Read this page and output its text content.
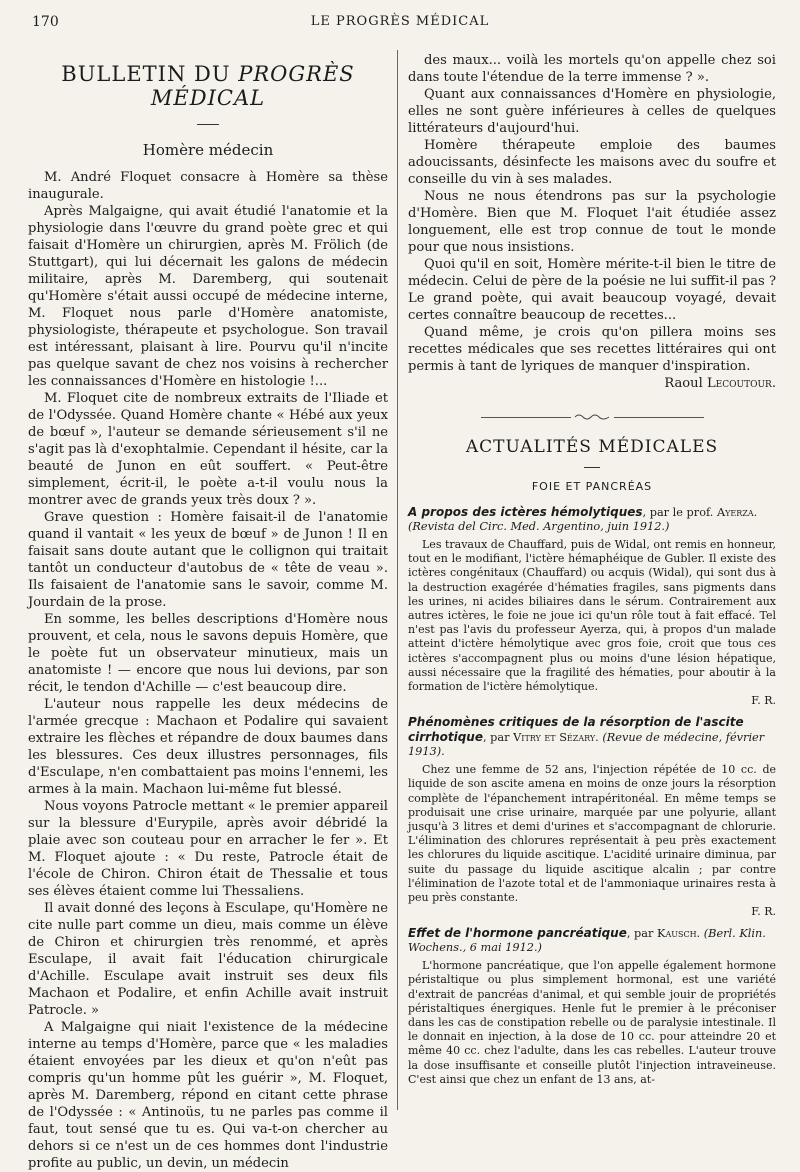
170	LE PROGRÈS MÉDICAL
BULLETIN DU PROGRÈS MÉDICAL
Homère médecin

M. André Floquet consacre à Homère sa thèse inaugurale.

Après Malgaigne, qui avait étudié l'anatomie et la physiologie dans l'œuvre du grand poète grec et qui faisait d'Homère un chirurgien, après M. Frölich (de Stuttgart), qui lui décernait les galons de médecin militaire, après M. Daremberg, qui soutenait qu'Homère s'était aussi occupé de médecine interne, M. Floquet nous parle d'Homère anatomiste, physiologiste, thérapeute et psychologue. Son travail est intéressant, plaisant à lire. Pourvu qu'il n'incite pas quelque savant de chez nos voisins à rechercher les connaissances d'Homère en histologie !...

M. Floquet cite de nombreux extraits de l'Iliade et de l'Odyssée. Quand Homère chante « Hébé aux yeux de bœuf », l'auteur se demande sérieusement s'il ne s'agit pas là d'exophtalmie. Cependant il hésite, car la beauté de Junon en eût souffert. « Peut-être simplement, écrit-il, le poète a-t-il voulu nous la montrer avec de grands yeux très doux ? ».

Grave question : Homère faisait-il de l'anatomie quand il vantait « les yeux de bœuf » de Junon ! Il en faisait sans doute autant que le collignon qui traitait tantôt un conducteur d'autobus de « tête de veau ». Ils faisaient de l'anatomie sans le savoir, comme M. Jourdain de la prose.

En somme, les belles descriptions d'Homère nous prouvent, et cela, nous le savons depuis Homère, que le poète fut un observateur minutieux, mais un anatomiste ! — encore que nous lui devions, par son récit, le tendon d'Achille — c'est beaucoup dire.

L'auteur nous rappelle les deux médecins de l'armée grecque : Machaon et Podalire qui savaient extraire les flèches et répandre de doux baumes dans les blessures. Ces deux illustres personnages, fils d'Esculape, n'en combattaient pas moins l'ennemi, les armes à la main. Machaon lui-même fut blessé.

Nous voyons Patrocle mettant « le premier appareil sur la blessure d'Eurypile, après avoir débridé la plaie avec son couteau pour en arracher le fer ». Et M. Floquet ajoute : « Du reste, Patrocle était de l'école de Chiron. Chiron était de Thessalie et tous ses élèves étaient comme lui Thessaliens.

Il avait donné des leçons à Esculape, qu'Homère ne cite nulle part comme un dieu, mais comme un élève de Chiron et chirurgien très renommé, et après Esculape, il avait fait l'éducation chirurgicale d'Achille. Esculape avait instruit ses deux fils Machaon et Podalire, et enfin Achille avait instruit Patrocle. »

A Malgaigne qui niait l'existence de la médecine interne au temps d'Homère, parce que « les maladies étaient envoyées par les dieux et qu'on n'eût pas compris qu'un homme pût les guérir », M. Floquet, après M. Daremberg, répond en citant cette phrase de l'Odyssée : « Antinoüs, tu ne parles pas comme il faut, tout sensé que tu es. Qui va-t-on chercher au dehors si ce n'est un de ces hommes dont l'industrie profite au public, un devin, un médecin

des maux... voilà les mortels qu'on appelle chez soi dans toute l'étendue de la terre immense ? ».

Quant aux connaissances d'Homère en physiologie, elles ne sont guère inférieures à celles de quelques littérateurs d'aujourd'hui.

Homère thérapeute emploie des baumes adoucissants, désinfecte les maisons avec du soufre et conseille du vin à ses malades.

Nous ne nous étendrons pas sur la psychologie d'Homère. Bien que M. Floquet l'ait étudiée assez longuement, elle est trop connue de tout le monde pour que nous insistions.

Quoi qu'il en soit, Homère mérite-t-il bien le titre de médecin. Celui de père de la poésie ne lui suffit-il pas ? Le grand poète, qui avait beaucoup voyagé, devait certes connaître beaucoup de recettes...

Quand même, je crois qu'on pillera moins ses recettes médicales que ses recettes littéraires qui ont permis à tant de lyriques de manquer d'inspiration.

Raoul Lecoutour.

ACTUALITÉS MÉDICALES
FOIE ET PANCRÉAS

A propos des ictères hémolytiques, par le prof. Ayerza. (Revista del Circ. Med. Argentino, juin 1912.)

Les travaux de Chauffard, puis de Widal, ont remis en honneur, tout en le modifiant, l'ictère hémaphéique de Gubler. Il existe des ictères congénitaux (Chauffard) ou acquis (Widal), qui sont dus à la destruction exagérée d'hématies fragiles, sans pigments dans les urines, ni acides biliaires dans le sérum. Contrairement aux autres ictères, le foie ne joue ici qu'un rôle tout à fait effacé. Tel n'est pas l'avis du professeur Ayerza, qui, à propos d'un malade atteint d'ictère hémolytique avec gros foie, croit que tous ces ictères s'accompagnent plus ou moins d'une lésion hépatique, aussi nécessaire que la fragilité des hématies, pour aboutir à la formation de l'ictère hémolytique.

F. R.

Phénomènes critiques de la résorption de l'ascite cirrhotique, par Vitry et Sézary. (Revue de médecine, février 1913).

Chez une femme de 52 ans, l'injection répétée de 10 cc. de liquide de son ascite amena en moins de onze jours la résorption complète de l'épanchement intrapéritonéal. En même temps se produisait une crise urinaire, marquée par une polyurie, allant jusqu'à 3 litres et demi d'urines et s'accompagnant de chlorurie. L'élimination des chlorures représentait à peu près exactement les chlorures du liquide ascitique. L'acidité urinaire diminua, par suite du passage du liquide ascitique alcalin ; par contre l'élimination de l'azote total et de l'ammoniaque urinaires resta à peu près constante.

F. R.

Effet de l'hormone pancréatique, par Kausch. (Berl. Klin. Wochens., 6 mai 1912.)

L'hormone pancréatique, que l'on appelle également hormone péristaltique ou plus simplement hormonal, est une variété d'extrait de pancréas d'animal, et qui semble jouir de propriétés péristaltiques énergiques. Henle fut le premier à le préconiser dans les cas de constipation rebelle ou de paralysie intestinale. Il le donnait en injection, à la dose de 10 cc. pour atteindre 20 et même 40 cc. chez l'adulte, dans les cas rebelles. L'auteur trouve la dose insuffisante et conseille plutôt l'injection intraveineuse. C'est ainsi que chez un enfant de 13 ans, at-
